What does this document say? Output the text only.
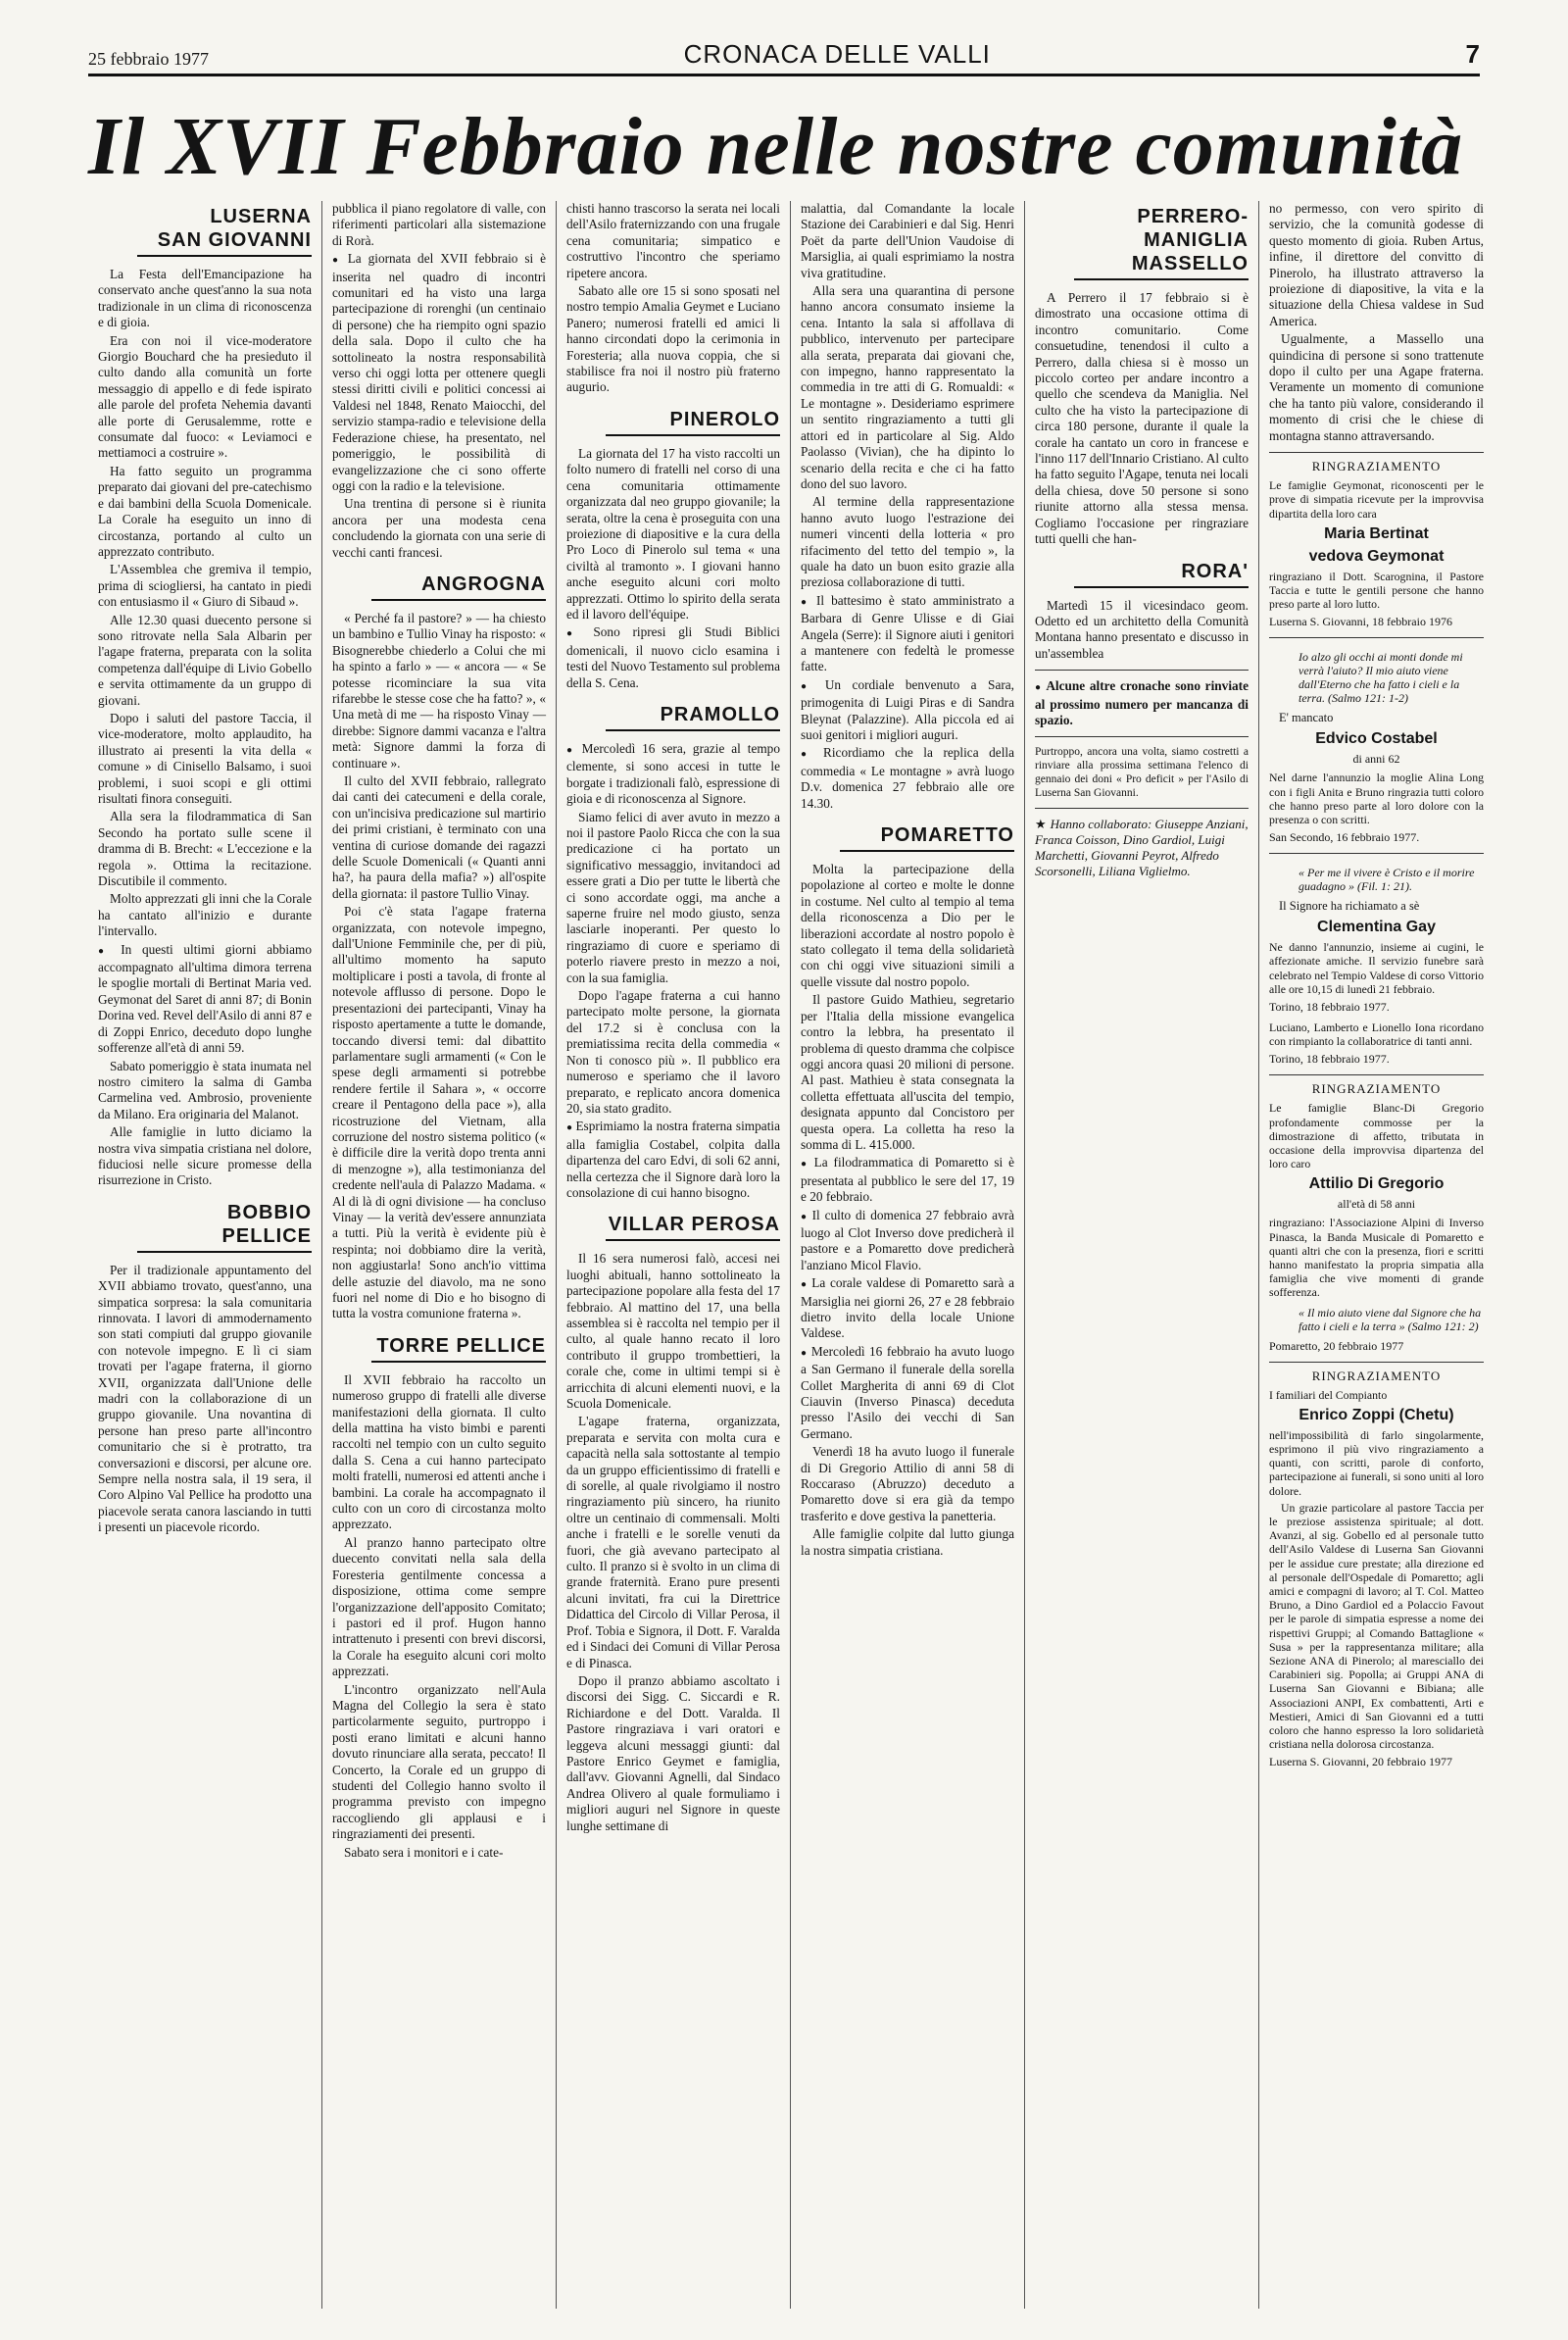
25 febbraio 1977	CRONACA DELLE VALLI	7
Il XVII Febbraio nelle nostre comunità
LUSERNA
SAN GIOVANNI

La Festa dell'Emancipazione ha conservato anche quest'anno la sua nota tradizionale in un clima di riconoscenza e di gioia.

Era con noi il vice-moderatore Giorgio Bouchard che ha presieduto il culto dando alla comunità un forte messaggio di appello e di fede ispirato alle parole del profeta Nehemia davanti alle porte di Gerusalemme, rotte e consumate dal fuoco: « Leviamoci e mettiamoci a costruire ».

Ha fatto seguito un programma preparato dai giovani del pre-catechismo e dai bambini della Scuola Domenicale. La Corale ha eseguito un inno di circostanza, portando al culto un apprezzato contributo.

L'Assemblea che gremiva il tempio, prima di sciogliersi, ha cantato in piedi con entusiasmo il « Giuro di Sibaud ».

Alle 12.30 quasi duecento persone si sono ritrovate nella Sala Albarin per l'agape fraterna, preparata con la solita competenza dall'équipe di Livio Gobello e servita ottimamente da un gruppo di giovani.

Dopo i saluti del pastore Taccia, il vice-moderatore, molto applaudito, ha illustrato ai presenti la vita della « comune » di Cinisello Balsamo, i suoi problemi, i suoi scopi e gli ottimi risultati finora conseguiti.

Alla sera la filodrammatica di San Secondo ha portato sulle scene il dramma di B. Brecht: « L'eccezione e la regola ». Ottima la recitazione. Discutibile il commento.

Molto apprezzati gli inni che la Corale ha cantato all'inizio e durante l'intervallo.

● In questi ultimi giorni abbiamo accompagnato all'ultima dimora terrena le spoglie mortali di Bertinat Maria ved. Geymonat del Saret di anni 87; di Bonin Dorina ved. Revel dell'Asilo di anni 87 e di Zoppi Enrico, deceduto dopo lunghe sofferenze all'età di anni 59.

Sabato pomeriggio è stata inumata nel nostro cimitero la salma di Gamba Carmelina ved. Ambrosio, proveniente da Milano. Era originaria del Malanot.

Alle famiglie in lutto diciamo la nostra viva simpatia cristiana nel dolore, fiduciosi nelle sicure promesse della risurrezione in Cristo.

BOBBIO PELLICE

Per il tradizionale appuntamento del XVII abbiamo trovato, quest'anno, una simpatica sorpresa: la sala comunitaria rinnovata. I lavori di ammodernamento son stati compiuti dal gruppo giovanile con notevole impegno. E lì ci siam trovati per l'agape fraterna, il giorno XVII, organizzata dall'Unione delle madri con la collaborazione di un gruppo giovanile. Una novantina di persone han preso parte all'incontro comunitario che si è protratto, tra conversazioni e discorsi, per alcune ore. Sempre nella nostra sala, il 19 sera, il Coro Alpino Val Pellice ha prodotto una piacevole serata canora lasciando in tutti i presenti un piacevole ricordo.

pubblica il piano regolatore di valle, con riferimenti particolari alla sistemazione di Rorà.

● La giornata del XVII febbraio si è inserita nel quadro di incontri comunitari ed ha visto una larga partecipazione di rorenghi (un centinaio di persone) che ha riempito ogni spazio della sala. Dopo il culto che ha sottolineato la nostra responsabilità verso chi oggi lotta per ottenere quegli stessi diritti civili e politici concessi ai Valdesi nel 1848, Renato Maiocchi, del servizio stampa-radio e televisione della Federazione chiese, ha presentato, nel pomeriggio, le possibilità di evangelizzazione che ci sono offerte oggi con la radio e la televisione.

Una trentina di persone si è riunita ancora per una modesta cena concludendo la giornata con una serie di vecchi canti francesi.

ANGROGNA

« Perché fa il pastore? » — ha chiesto un bambino e Tullio Vinay ha risposto: « Bisognerebbe chiederlo a Colui che mi ha spinto a farlo » — « ancora — « Se potesse ricominciare la sua vita rifarebbe le stesse cose che ha fatto? », « Una metà di me — ha risposto Vinay — direbbe: Signore dammi vacanza e l'altra metà: Signore dammi la forza di continuare ».

Il culto del XVII febbraio, rallegrato dai canti dei catecumeni e della corale, con un'incisiva predicazione sul martirio dei primi cristiani, è terminato con una ventina di curiose domande dei ragazzi delle Scuole Domenicali (« Quanti anni ha?, ha paura della mafia? ») all'ospite della giornata: il pastore Tullio Vinay.

Poi c'è stata l'agape fraterna organizzata, con notevole impegno, dall'Unione Femminile che, per di più, all'ultimo momento ha saputo moltiplicare i posti a tavola, di fronte al notevole afflusso di persone. Dopo le presentazioni dei partecipanti, Vinay ha risposto apertamente a tutte le domande, toccando diversi temi: dal dibattito parlamentare sugli armamenti (« Con le spese degli armamenti si potrebbe rendere fertile il Sahara », « occorre creare il Pentagono della pace »), alla ricostruzione del Vietnam, alla corruzione del nostro sistema politico (« è difficile dire la verità dopo trenta anni di menzogne »), alla testimonianza del credente nell'aula di Palazzo Madama. « Al di là di ogni divisione — ha concluso Vinay — la verità dev'essere annunziata a tutti. Più la verità è evidente più è respinta; noi dobbiamo dire la verità, non aggiustarla! Sono anch'io vittima delle astuzie del diavolo, ma ne sono fuori nel nome di Dio e ho bisogno di tutta la vostra comunione fraterna ».

TORRE PELLICE

Il XVII febbraio ha raccolto un numeroso gruppo di fratelli alle diverse manifestazioni della giornata. Il culto della mattina ha visto bimbi e parenti raccolti nel tempio con un culto seguito dalla S. Cena a cui hanno partecipato molti fratelli, numerosi ed attenti anche i bambini. La corale ha accompagnato il culto con un coro di circostanza molto apprezzato.

Al pranzo hanno partecipato oltre duecento convitati nella sala della Foresteria gentilmente concessa a disposizione, ottima come sempre l'organizzazione dell'apposito Comitato; i pastori ed il prof. Hugon hanno intrattenuto i presenti con brevi discorsi, la Corale ha eseguito alcuni cori molto apprezzati.

L'incontro organizzato nell'Aula Magna del Collegio la sera è stato particolarmente seguito, purtroppo i posti erano limitati e alcuni hanno dovuto rinunciare alla serata, peccato! Il Concerto, la Corale ed un gruppo di studenti del Collegio hanno svolto il programma previsto con impegno raccogliendo gli applausi e i ringraziamenti dei presenti.

Sabato sera i monitori e i cate-

chisti hanno trascorso la serata nei locali dell'Asilo fraternizzando con una frugale cena comunitaria; simpatico e costruttivo l'incontro che speriamo ripetere ancora.

Sabato alle ore 15 si sono sposati nel nostro tempio Amalia Geymet e Luciano Panero; numerosi fratelli ed amici li hanno circondati dopo la cerimonia in Foresteria; alla nuova coppia, che si stabilisce fra noi il nostro più fraterno augurio.

PINEROLO

La giornata del 17 ha visto raccolti un folto numero di fratelli nel corso di una cena comunitaria ottimamente organizzata dal neo gruppo giovanile; la serata, oltre la cena è proseguita con una proiezione di diapositive e la cura della Pro Loco di Pinerolo sul tema « una civiltà al tramonto ». I giovani hanno anche eseguito alcuni cori molto apprezzati. Ottimo lo spirito della serata ed il lavoro dell'équipe.

● Sono ripresi gli Studi Biblici domenicali, il nuovo ciclo esamina i testi del Nuovo Testamento sul problema della S. Cena.

PRAMOLLO

● Mercoledì 16 sera, grazie al tempo clemente, si sono accesi in tutte le borgate i tradizionali falò, espressione di gioia e di riconoscenza al Signore.

Siamo felici di aver avuto in mezzo a noi il pastore Paolo Ricca che con la sua predicazione ci ha portato un significativo messaggio, invitandoci ad essere grati a Dio per tutte le libertà che ci sono accordate oggi, ma anche a saperne fruire nel modo giusto, senza lasciarle inoperanti. Per questo lo ringraziamo di cuore e speriamo di poterlo riavere presto in mezzo a noi, con la sua famiglia.

Dopo l'agape fraterna a cui hanno partecipato molte persone, la giornata del 17.2 si è conclusa con la premiatissima recita della commedia « Non ti conosco più ». Il pubblico era numeroso e speriamo che il lavoro preparato, e replicato ancora domenica 20, sia stato gradito.

● Esprimiamo la nostra fraterna simpatia alla famiglia Costabel, colpita dalla dipartenza del caro Edvi, di soli 62 anni, nella certezza che il Signore darà loro la consolazione di cui hanno bisogno.

VILLAR PEROSA

Il 16 sera numerosi falò, accesi nei luoghi abituali, hanno sottolineato la partecipazione popolare alla festa del 17 febbraio. Al mattino del 17, una bella assemblea si è raccolta nel tempio per il culto, al quale hanno recato il loro contributo il gruppo trombettieri, la corale che, come in ultimi tempi si è arricchita di alcuni elementi nuovi, e la Scuola Domenicale.

L'agape fraterna, organizzata, preparata e servita con molta cura e capacità nella sala sottostante al tempio da un gruppo efficientissimo di fratelli e di sorelle, al quale rivolgiamo il nostro ringraziamento più sincero, ha riunito oltre un centinaio di commensali. Molti anche i fratelli e le sorelle venuti da fuori, che già avevano partecipato al culto. Il pranzo si è svolto in un clima di grande fraternità. Erano pure presenti alcuni invitati, fra cui la Direttrice Didattica del Circolo di Villar Perosa, il Prof. Tobia e Signora, il Dott. F. Varalda ed i Sindaci dei Comuni di Villar Perosa e di Pinasca.

Dopo il pranzo abbiamo ascoltato i discorsi dei Sigg. C. Siccardi e R. Richiardone e del Dott. Varalda. Il Pastore ringraziava i vari oratori e leggeva alcuni messaggi giunti: dal Pastore Enrico Geymet e famiglia, dall'avv. Giovanni Agnelli, dal Sindaco Andrea Olivero al quale formuliamo i migliori auguri nel Signore in queste lunghe settimane di

malattia, dal Comandante la locale Stazione dei Carabinieri e dal Sig. Henri Poët da parte dell'Union Vaudoise di Marsiglia, ai quali esprimiamo la nostra viva gratitudine.

Alla sera una quarantina di persone hanno ancora consumato insieme la cena. Intanto la sala si affollava di pubblico, intervenuto per partecipare alla serata, preparata dai giovani che, con impegno, hanno rappresentato la commedia in tre atti di G. Romualdi: « Le montagne ». Desideriamo esprimere un sentito ringraziamento a tutti gli attori ed in particolare al Sig. Aldo Paolasso (Vivian), che ha dipinto lo scenario della recita e che ci ha fatto dono del suo lavoro.

Al termine della rappresentazione hanno avuto luogo l'estrazione dei numeri vincenti della lotteria « pro rifacimento del tetto del tempio », la quale ha dato un buon esito grazie alla preziosa collaborazione di tutti.

● Il battesimo è stato amministrato a Barbara di Genre Ulisse e di Giai Angela (Serre): il Signore aiuti i genitori a mantenere con fedeltà le promesse fatte.

● Un cordiale benvenuto a Sara, primogenita di Luigi Piras e di Sandra Bleynat (Palazzine). Alla piccola ed ai suoi genitori i migliori auguri.

● Ricordiamo che la replica della commedia « Le montagne » avrà luogo D.v. domenica 27 febbraio alle ore 14.30.

POMARETTO

Molta la partecipazione della popolazione al corteo e molte le donne in costume. Nel culto al tempio al tema della riconoscenza a Dio per le liberazioni accordate al nostro popolo è stato collegato il tema della solidarietà con chi oggi vive situazioni simili a quelle vissute dal nostro popolo.

Il pastore Guido Mathieu, segretario per l'Italia della missione evangelica contro la lebbra, ha presentato il problema di questo dramma che colpisce oggi ancora quasi 20 milioni di persone. Al past. Mathieu è stata consegnata la colletta effettuata all'uscita del tempio, designata appunto dal Concistoro per questa opera. La colletta ha reso la somma di L. 415.000.

● La filodrammatica di Pomaretto si è presentata al pubblico le sere del 17, 19 e 20 febbraio.

● Il culto di domenica 27 febbraio avrà luogo al Clot Inverso dove predicherà il pastore e a Pomaretto dove predicherà l'anziano Micol Flavio.

● La corale valdese di Pomaretto sarà a Marsiglia nei giorni 26, 27 e 28 febbraio dietro invito della locale Unione Valdese.

● Mercoledì 16 febbraio ha avuto luogo a San Germano il funerale della sorella Collet Margherita di anni 69 di Clot Ciauvin (Inverso Pinasca) deceduta presso l'Asilo dei vecchi di San Germano.

Venerdì 18 ha avuto luogo il funerale di Di Gregorio Attilio di anni 58 di Roccaraso (Abruzzo) deceduto a Pomaretto dove si era già da tempo trasferito e dove gestiva la panetteria.

Alle famiglie colpite dal lutto giunga la nostra simpatia cristiana.

PERRERO-MANIGLIA
MASSELLO

A Perrero il 17 febbraio si è dimostrato una occasione ottima di incontro comunitario. Come consuetudine, tenendosi il culto a Perrero, dalla chiesa si è mosso un piccolo corteo per andare incontro a quello che scendeva da Maniglia. Nel culto che ha visto la partecipazione di circa 180 persone, durante il quale la corale ha cantato un coro in francese e l'inno 117 dell'Innario Cristiano. Al culto ha fatto seguito l'Agape, tenuta nei locali della chiesa, dove 50 persone si sono riunite attorno alla stessa mensa. Cogliamo l'occasione per ringraziare tutti quelli che han-

RORA'

Martedì 15 il vicesindaco geom. Odetto ed un architetto della Comunità Montana hanno presentato e discusso in un'assemblea

● Alcune altre cronache sono rinviate al prossimo numero per mancanza di spazio.

Purtroppo, ancora una volta, siamo costretti a rinviare alla prossima settimana l'elenco di gennaio dei doni « Pro deficit » per l'Asilo di Luserna San Giovanni.
★ Hanno collaborato: Giuseppe Anziani, Franca Coisson, Dino Gardiol, Luigi Marchetti, Giovanni Peyrot, Alfredo Scorsonelli, Liliana Viglielmo.

no permesso, con vero spirito di servizio, che la comunità godesse di questo momento di gioia. Ruben Artus, infine, il direttore del convitto di Pinerolo, ha illustrato attraverso la proiezione di diapositive, la vita e la situazione della Chiesa valdese in Sud America.

Ugualmente, a Massello una quindicina di persone si sono trattenute dopo il culto per una Agape fraterna. Veramente un momento di comunione che ha tanto più valore, considerando il momento di crisi che le chiese di montagna stanno attraversando.

RINGRAZIAMENTO
Le famiglie Geymonat, riconoscenti per le prove di simpatia ricevute per la improvvisa dipartita della loro cara
Maria Bertinat
vedova Geymonat
ringraziano il Dott. Scarognina, il Pastore Taccia e tutte le gentili persone che hanno preso parte al loro lutto.
Luserna S. Giovanni, 18 febbraio 1976
Io alzo gli occhi ai monti donde mi verrà l'aiuto? Il mio aiuto viene dall'Eterno che ha fatto i cieli e la terra. (Salmo 121: 1-2)
E' mancato
Edvico Costabel
di anni 62
Nel darne l'annunzio la moglie Alina Long con i figli Anita e Bruno ringrazia tutti coloro che hanno preso parte al loro dolore con la presenza o con scritti.
San Secondo, 16 febbraio 1977.
« Per me il vivere è Cristo e il morire guadagno » (Fil. 1: 21).
Il Signore ha richiamato a sè
Clementina Gay
Ne danno l'annunzio, insieme ai cugini, le affezionate amiche. Il servizio funebre sarà celebrato nel Tempio Valdese di corso Vittorio alle ore 10,15 di lunedì 21 febbraio.
Torino, 18 febbraio 1977.
Luciano, Lamberto e Lionello Iona ricordano con rimpianto la collaboratrice di tanti anni.
Torino, 18 febbraio 1977.
RINGRAZIAMENTO
Le famiglie Blanc-Di Gregorio profondamente commosse per la dimostrazione di affetto, tributata in occasione della improvvisa dipartenza del loro caro
Attilio Di Gregorio
all'età di 58 anni
ringraziano: l'Associazione Alpini di Inverso Pinasca, la Banda Musicale di Pomaretto e quanti altri che con la presenza, fiori e scritti hanno manifestato la propria simpatia alla famiglia che vive momenti di grande sofferenza.
« Il mio aiuto viene dal Signore che ha fatto i cieli e la terra » (Salmo 121: 2)
Pomaretto, 20 febbraio 1977
RINGRAZIAMENTO
I familiari del Compianto
Enrico Zoppi (Chetu)
nell'impossibilità di farlo singolarmente, esprimono il più vivo ringraziamento a quanti, con scritti, parole di conforto, partecipazione ai funerali, si sono uniti al loro dolore.
Un grazie particolare al pastore Taccia per le preziose assistenza spirituale; al dott. Avanzi, al sig. Gobello ed al personale tutto dell'Asilo Valdese di Luserna San Giovanni per le assidue cure prestate; alla direzione ed al personale dell'Ospedale di Pomaretto; agli amici e compagni di lavoro; al T. Col. Matteo Bruno, a Dino Gardiol ed a Polaccio Favout per le parole di simpatia espresse a nome dei rispettivi Gruppi; al Comando Battaglione « Susa » per la rappresentanza militare; alla Sezione ANA di Pinerolo; al maresciallo dei Carabinieri sig. Popolla; ai Gruppi ANA di Luserna San Giovanni e Bibiana; alle Associazioni ANPI, Ex combattenti, Arti e Mestieri, Amici di San Giovanni ed a tutti coloro che hanno espresso la loro solidarietà cristiana nella dolorosa circostanza.
Luserna S. Giovanni, 20 febbraio 1977
